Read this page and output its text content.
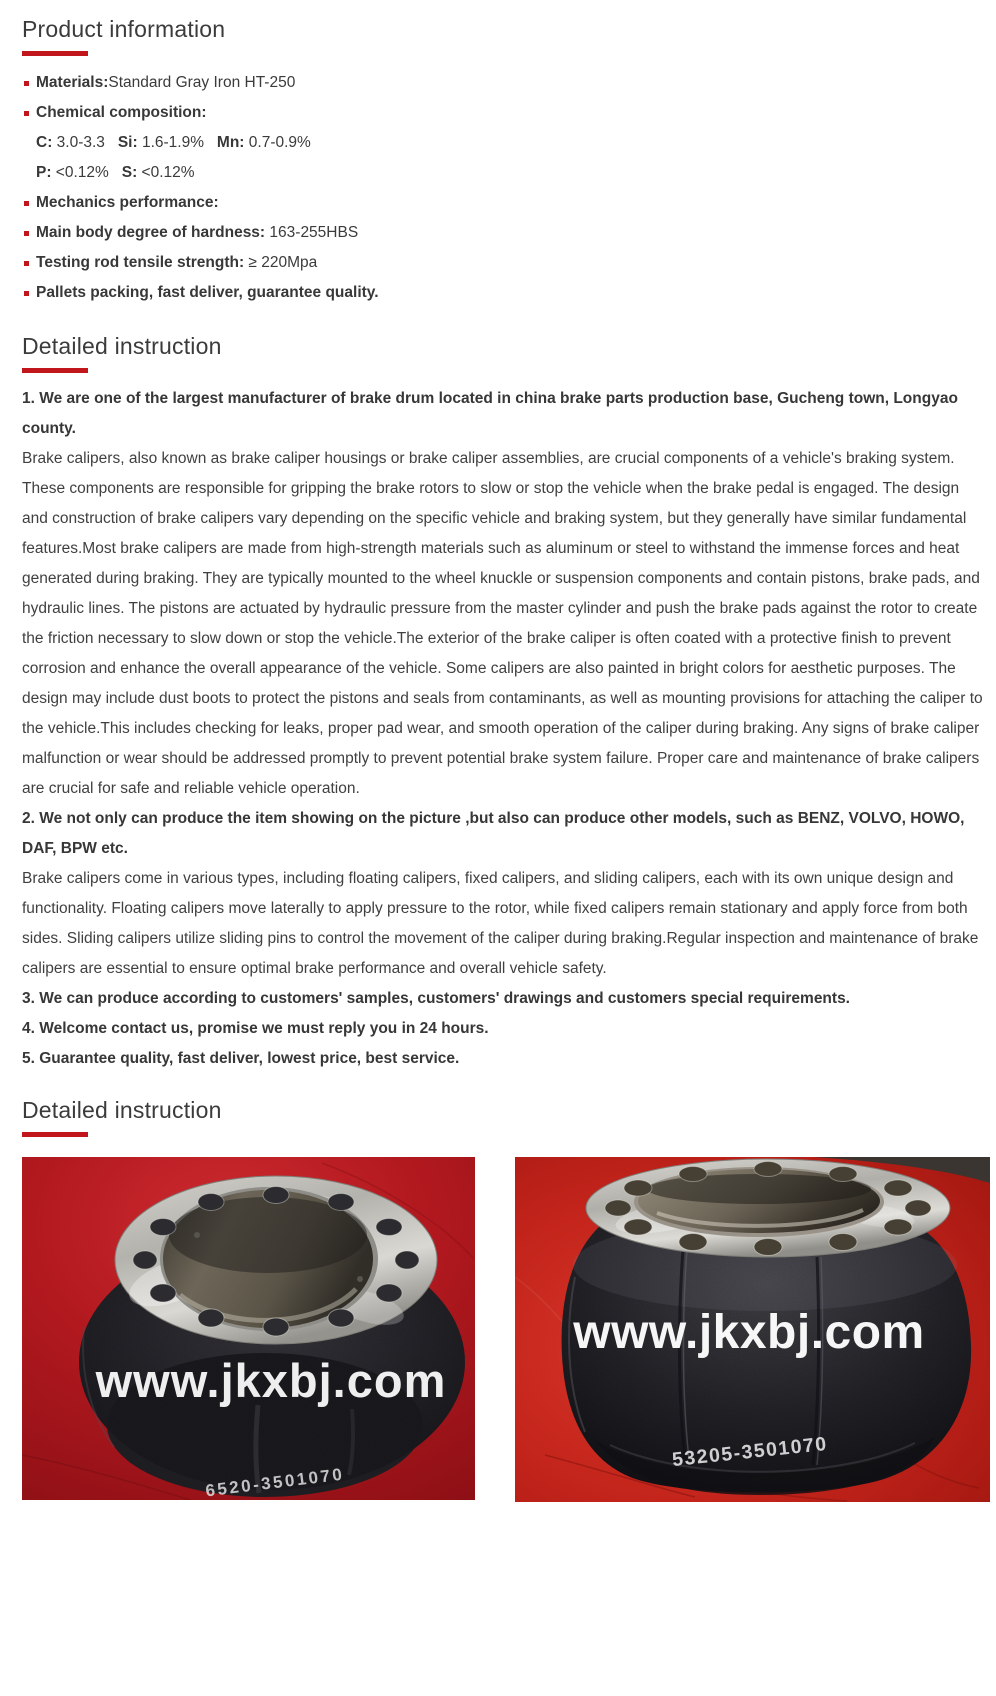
Product information
Materials:Standard Gray Iron HT-250
Chemical composition:
C: 3.0-3.3   Si: 1.6-1.9%   Mn: 0.7-0.9%
P: <0.12%   S: <0.12%
Mechanics performance:
Main body degree of hardness: 163-255HBS
Testing rod tensile strength: ≥ 220Mpa
Pallets packing, fast deliver, guarantee quality.
Detailed instruction

1. We are one of the largest manufacturer of brake drum located in china brake parts production base, Gucheng town, Longyao county.

Brake calipers, also known as brake caliper housings or brake caliper assemblies, are crucial components of a vehicle's braking system. These components are responsible for gripping the brake rotors to slow or stop the vehicle when the brake pedal is engaged. The design and construction of brake calipers vary depending on the specific vehicle and braking system, but they generally have similar fundamental features.Most brake calipers are made from high-strength materials such as aluminum or steel to withstand the immense forces and heat generated during braking. They are typically mounted to the wheel knuckle or suspension components and contain pistons, brake pads, and hydraulic lines. The pistons are actuated by hydraulic pressure from the master cylinder and push the brake pads against the rotor to create the friction necessary to slow down or stop the vehicle.The exterior of the brake caliper is often coated with a protective finish to prevent corrosion and enhance the overall appearance of the vehicle. Some calipers are also painted in bright colors for aesthetic purposes. The design may include dust boots to protect the pistons and seals from contaminants, as well as mounting provisions for attaching the caliper to the vehicle.This includes checking for leaks, proper pad wear, and smooth operation of the caliper during braking. Any signs of brake caliper malfunction or wear should be addressed promptly to prevent potential brake system failure. Proper care and maintenance of brake calipers are crucial for safe and reliable vehicle operation.

2. We not only can produce the item showing on the picture ,but also can produce other models, such as BENZ, VOLVO, HOWO, DAF, BPW etc.

Brake calipers come in various types, including floating calipers, fixed calipers, and sliding calipers, each with its own unique design and functionality. Floating calipers move laterally to apply pressure to the rotor, while fixed calipers remain stationary and apply force from both sides. Sliding calipers utilize sliding pins to control the movement of the caliper during braking.Regular inspection and maintenance of brake calipers are essential to ensure optimal brake performance and overall vehicle safety.

3. We can produce according to customers' samples, customers' drawings and customers special requirements.

4. Welcome contact us, promise we must reply you in 24 hours.

5. Guarantee quality, fast deliver, lowest price, best service.

Detailed instruction
www.jkxbj.com
6520-3501070
www.jkxbj.com
53205-3501070
